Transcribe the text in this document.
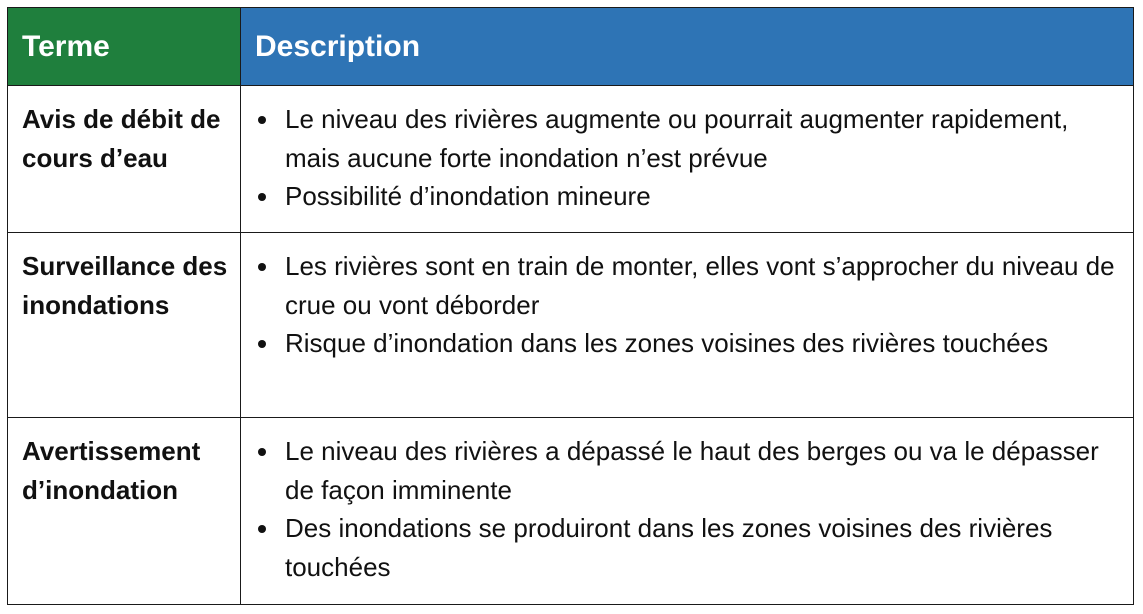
Terme	Description
Avis de débit de cours d’eau
Le niveau des rivières augmente ou pourrait augmenter rapidement, mais aucune forte inondation n’est prévue
Possibilité d’inondation mineure
Surveillance des inondations
Les rivières sont en train de monter, elles vont s’approcher du niveau de crue ou vont déborder
Risque d’inondation dans les zones voisines des rivières touchées
Avertissement d’inondation
Le niveau des rivières a dépassé le haut des berges ou va le dépasser de façon imminente
Des inondations se produiront dans les zones voisines des rivières touchées
